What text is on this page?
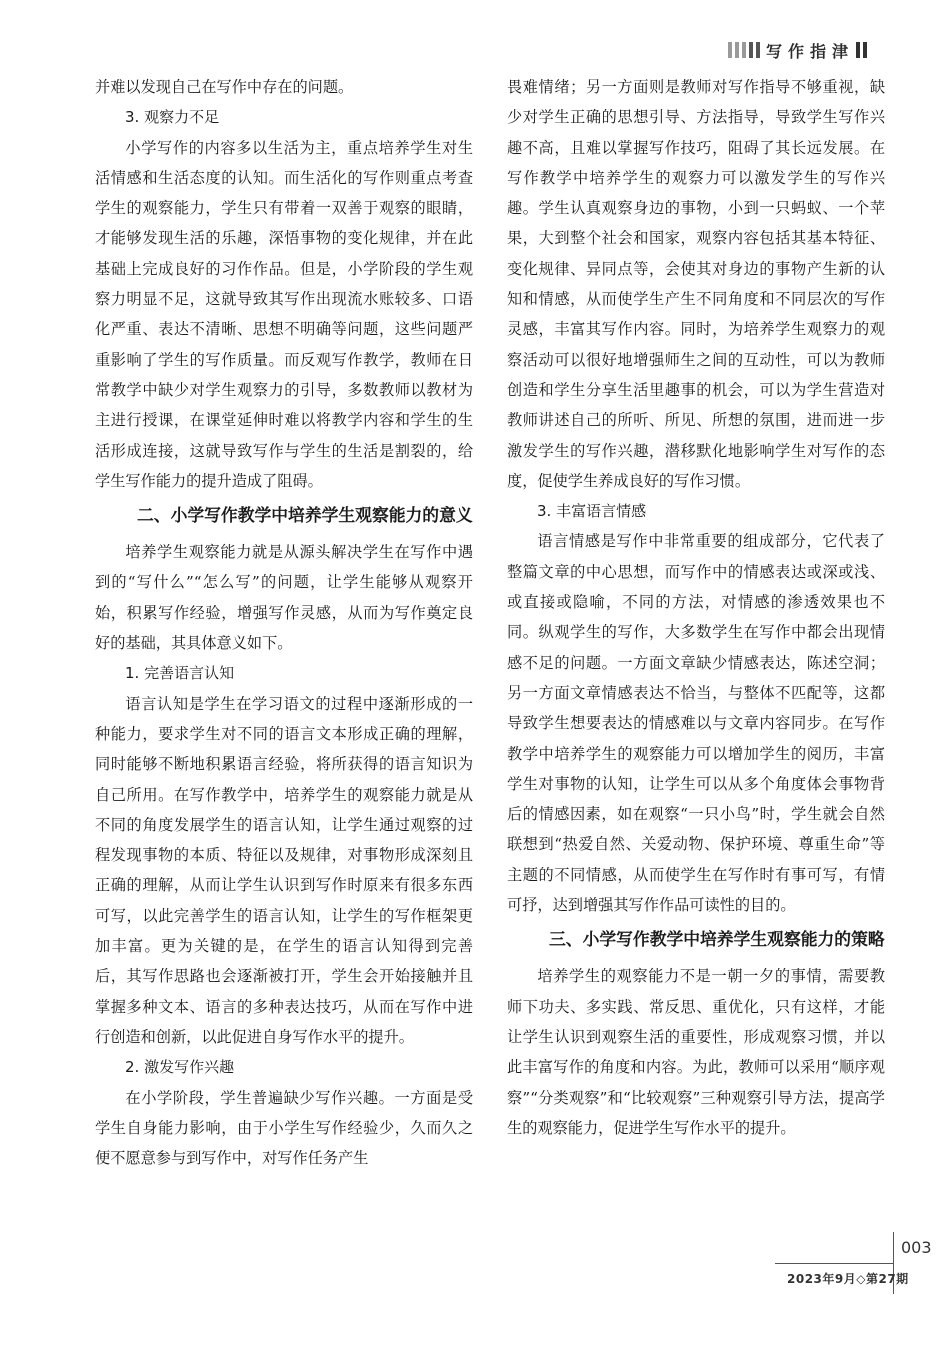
写作指津

并难以发现自己在写作中存在的问题。

3. 观察力不足

小学写作的内容多以生活为主，重点培养学生对生活情感和生活态度的认知。而生活化的写作则重点考查学生的观察能力，学生只有带着一双善于观察的眼睛，才能够发现生活的乐趣，深悟事物的变化规律，并在此基础上完成良好的习作作品。但是，小学阶段的学生观察力明显不足，这就导致其写作出现流水账较多、口语化严重、表达不清晰、思想不明确等问题，这些问题严重影响了学生的写作质量。而反观写作教学，教师在日常教学中缺少对学生观察力的引导，多数教师以教材为主进行授课，在课堂延伸时难以将教学内容和学生的生活形成连接，这就导致写作与学生的生活是割裂的，给学生写作能力的提升造成了阻碍。

二、小学写作教学中培养学生观察能力的意义

培养学生观察能力就是从源头解决学生在写作中遇到的“写什么”“怎么写”的问题，让学生能够从观察开始，积累写作经验，增强写作灵感，从而为写作奠定良好的基础，其具体意义如下。

1. 完善语言认知

语言认知是学生在学习语文的过程中逐渐形成的一种能力，要求学生对不同的语言文本形成正确的理解，同时能够不断地积累语言经验，将所获得的语言知识为自己所用。在写作教学中，培养学生的观察能力就是从不同的角度发展学生的语言认知，让学生通过观察的过程发现事物的本质、特征以及规律，对事物形成深刻且正确的理解，从而让学生认识到写作时原来有很多东西可写，以此完善学生的语言认知，让学生的写作框架更加丰富。更为关键的是，在学生的语言认知得到完善后，其写作思路也会逐渐被打开，学生会开始接触并且掌握多种文本、语言的多种表达技巧，从而在写作中进行创造和创新，以此促进自身写作水平的提升。

2. 激发写作兴趣

在小学阶段，学生普遍缺少写作兴趣。一方面是受学生自身能力影响，由于小学生写作经验少，久而久之便不愿意参与到写作中，对写作任务产生

畏难情绪；另一方面则是教师对写作指导不够重视，缺少对学生正确的思想引导、方法指导，导致学生写作兴趣不高，且难以掌握写作技巧，阻碍了其长远发展。在写作教学中培养学生的观察力可以激发学生的写作兴趣。学生认真观察身边的事物，小到一只蚂蚁、一个苹果，大到整个社会和国家，观察内容包括其基本特征、变化规律、异同点等，会使其对身边的事物产生新的认知和情感，从而使学生产生不同角度和不同层次的写作灵感，丰富其写作内容。同时，为培养学生观察力的观察活动可以很好地增强师生之间的互动性，可以为教师创造和学生分享生活里趣事的机会，可以为学生营造对教师讲述自己的所听、所见、所想的氛围，进而进一步激发学生的写作兴趣，潜移默化地影响学生对写作的态度，促使学生养成良好的写作习惯。

3. 丰富语言情感

语言情感是写作中非常重要的组成部分，它代表了整篇文章的中心思想，而写作中的情感表达或深或浅、或直接或隐喻，不同的方法，对情感的渗透效果也不同。纵观学生的写作，大多数学生在写作中都会出现情感不足的问题。一方面文章缺少情感表达，陈述空洞；另一方面文章情感表达不恰当，与整体不匹配等，这都导致学生想要表达的情感难以与文章内容同步。在写作教学中培养学生的观察能力可以增加学生的阅历，丰富学生对事物的认知，让学生可以从多个角度体会事物背后的情感因素，如在观察“一只小鸟”时，学生就会自然联想到“热爱自然、关爱动物、保护环境、尊重生命”等主题的不同情感，从而使学生在写作时有事可写，有情可抒，达到增强其写作作品可读性的目的。

三、小学写作教学中培养学生观察能力的策略

培养学生的观察能力不是一朝一夕的事情，需要教师下功夫、多实践、常反思、重优化，只有这样，才能让学生认识到观察生活的重要性，形成观察习惯，并以此丰富写作的角度和内容。为此，教师可以采用“顺序观察”“分类观察”和“比较观察”三种观察引导方法，提高学生的观察能力，促进学生写作水平的提升。

003
2023年9月◇第27期
